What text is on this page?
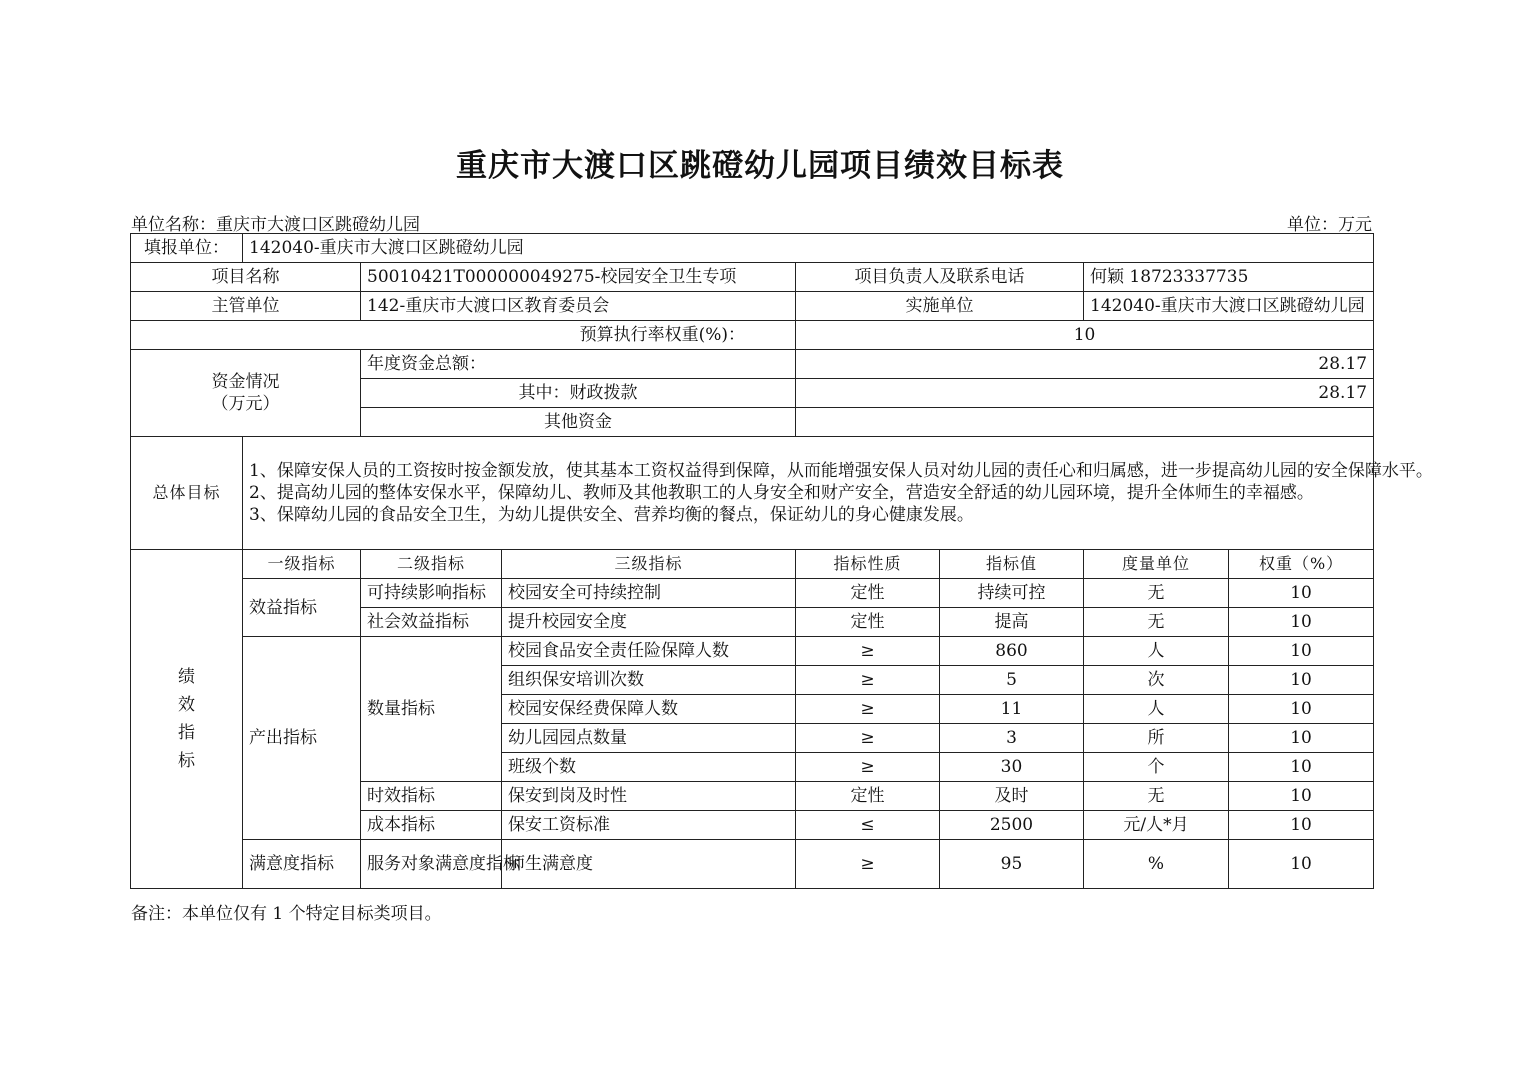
重庆市大渡口区跳磴幼儿园项目绩效目标表
单位名称：重庆市大渡口区跳磴幼儿园	单位：万元
填报单位：	142040-重庆市大渡口区跳磴幼儿园						
项目名称		50010421T000000049275-校园安全卫生专项		项目负责人及联系电话		何颖 18723337735	
主管单位		142-重庆市大渡口区教育委员会		实施单位		142040-重庆市大渡口区跳磴幼儿园	
预算执行率权重(%)：				10			

资金情况
（万元）		年度资金总额：		28.17			
		其中：财政拨款		28.17			
		其他资金					
总体目标	1、保障安保人员的工资按时按金额发放，使其基本工资权益得到保障，从而能增强安保人员对幼儿园的责任心和归属感，进一步提高幼儿园的安全保障水平。
2、提高幼儿园的整体安保水平，保障幼儿、教师及其他教职工的人身安全和财产安全，营造安全舒适的幼儿园环境，提升全体师生的幸福感。
3、保障幼儿园的食品安全卫生，为幼儿提供安全、营养均衡的餐点，保证幼儿的身心健康发展。						

绩
效
指
标	一级指标	二级指标	三级指标	指标性质	指标值	度量单位	权重（%）
	效益指标	可持续影响指标	校园安全可持续控制	定性	持续可控	无	10
		社会效益指标	提升校园安全度	定性	提高	无	10
	产出指标	数量指标	校园食品安全责任险保障人数	≥	860	人	10
			组织保安培训次数	≥	5	次	10
			校园安保经费保障人数	≥	11	人	10
			幼儿园园点数量	≥	3	所	10
			班级个数	≥	30	个	10
		时效指标	保安到岗及时性	定性	及时	无	10
		成本指标	保安工资标准	≤	2500	元/人*月	10
	满意度指标	服务对象满意度指标	师生满意度	≥	95	%	10
备注：本单位仅有 1 个特定目标类项目。
